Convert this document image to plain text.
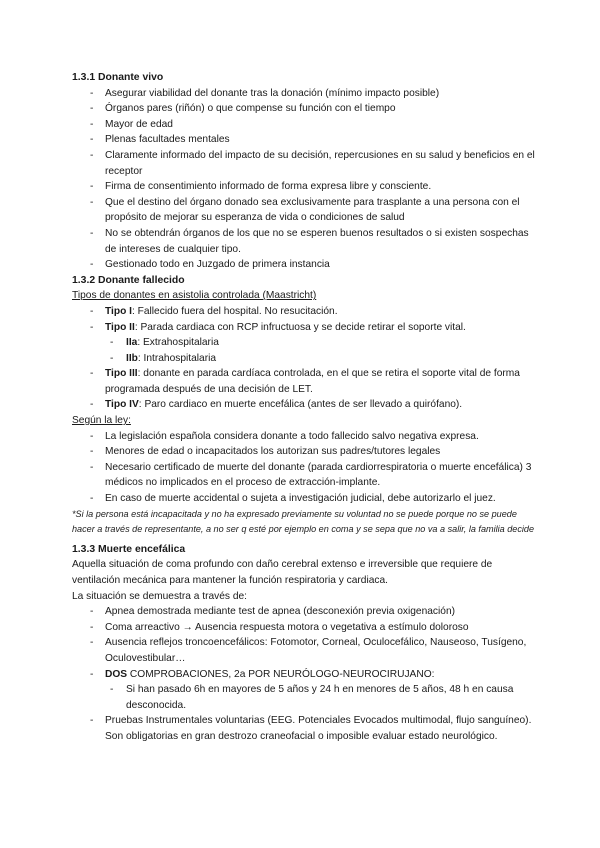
1.3.1 Donante vivo

- Asegurar viabilidad del donante tras la donación (mínimo impacto posible)
- Órganos pares (riñón) o que compense su función con el tiempo
- Mayor de edad
- Plenas facultades mentales
- Claramente informado del impacto de su decisión, repercusiones en su salud y beneficios en el receptor
- Firma de consentimiento informado de forma expresa libre y consciente.
- Que el destino del órgano donado sea exclusivamente para trasplante a una persona con el propósito de mejorar su esperanza de vida o condiciones de salud
- No se obtendrán órganos de los que no se esperen buenos resultados o si existen sospechas de intereses de cualquier tipo.
- Gestionado todo en Juzgado de primera instancia

1.3.2 Donante fallecido

Tipos de donantes en asistolia controlada (Maastricht)

- Tipo I: Fallecido fuera del hospital. No resucitación.
- Tipo II: Parada cardiaca con RCP infructuosa y se decide retirar el soporte vital.
- IIa: Extrahospitalaria
- IIb: Intrahospitalaria
- Tipo III: donante en parada cardíaca controlada, en el que se retira el soporte vital de forma programada después de una decisión de LET.
- Tipo IV: Paro cardiaco en muerte encefálica (antes de ser llevado a quirófano).

Según la ley:

- La legislación española considera donante a todo fallecido salvo negativa expresa.
- Menores de edad o incapacitados los autorizan sus padres/tutores legales
- Necesario certificado de muerte del donante (parada cardiorrespiratoria o muerte encefálica) 3 médicos no implicados en el proceso de extracción-implante.
- En caso de muerte accidental o sujeta a investigación judicial, debe autorizarlo el juez.

*Si la persona está incapacitada y no ha expresado previamente su voluntad no se puede porque no se puede hacer a través de representante, a no ser q esté por ejemplo en coma y se sepa que no va a salir, la familia decide

1.3.3 Muerte encefálica

Aquella situación de coma profundo con daño cerebral extenso e irreversible que requiere de ventilación mecánica para mantener la función respiratoria y cardiaca.

La situación se demuestra a través de:

- Apnea demostrada mediante test de apnea (desconexión previa oxigenación)
- Coma arreactivo → Ausencia respuesta motora o vegetativa a estímulo doloroso
- Ausencia reflejos troncoencefálicos: Fotomotor, Corneal, Oculocefálico, Nauseoso, Tusígeno, Oculovestibular…
- DOS COMPROBACIONES, 2a POR NEURÓLOGO-NEUROCIRUJANO:
- Si han pasado 6h en mayores de 5 años y 24 h en menores de 5 años, 48 h en causa desconocida.
- Pruebas Instrumentales voluntarias (EEG. Potenciales Evocados multimodal, flujo sanguíneo). Son obligatorias en gran destrozo craneofacial o imposible evaluar estado neurológico.
